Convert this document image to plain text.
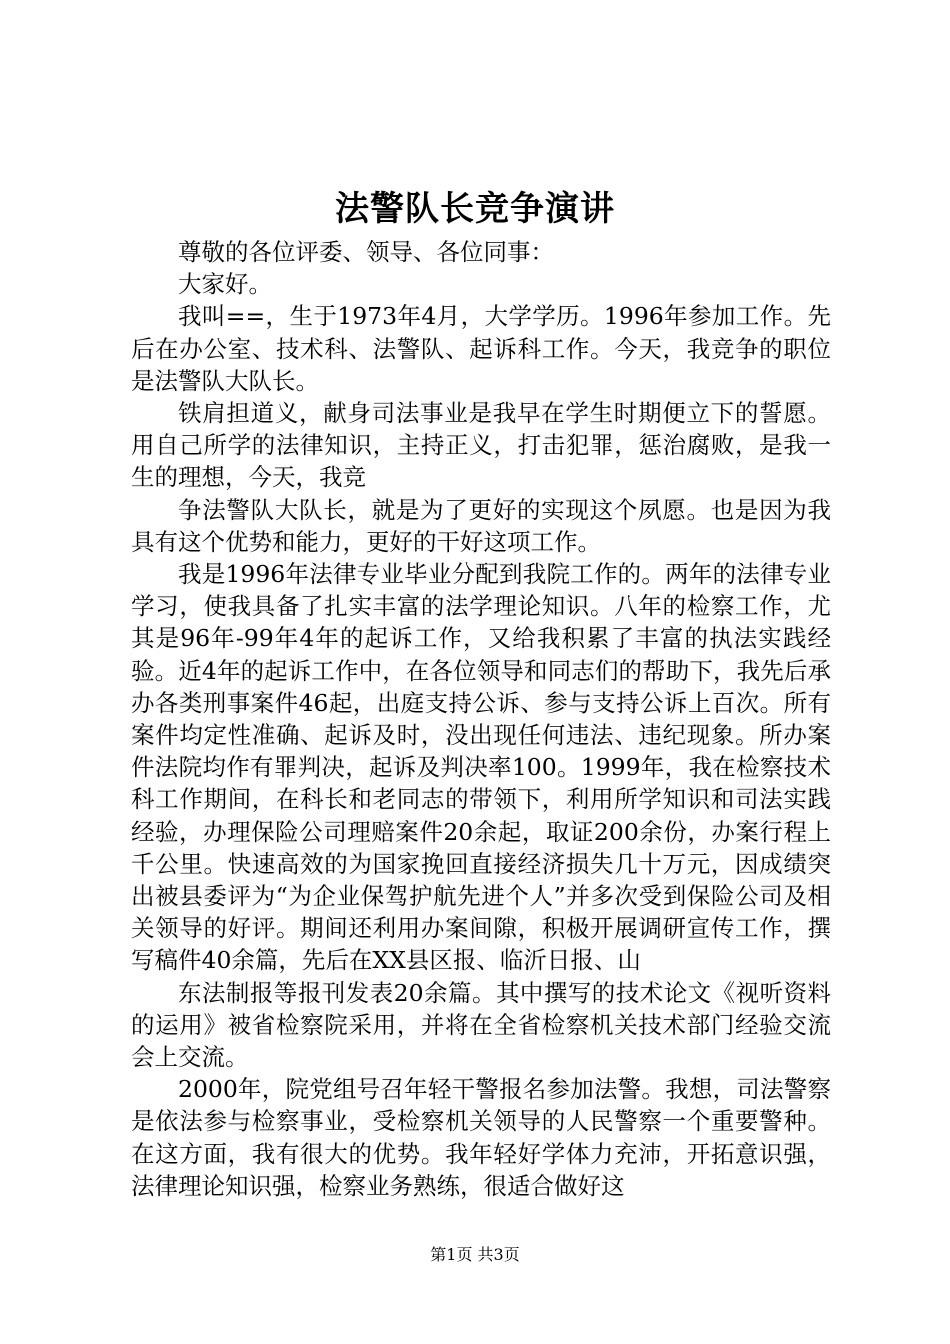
法警队长竞争演讲

尊敬的各位评委、领导、各位同事：

大家好。

我叫==，生于1973年4月，大学学历。1996年参加工作。先后在办公室、技术科、法警队、起诉科工作。今天，我竞争的职位是法警队大队长。

铁肩担道义，献身司法事业是我早在学生时期便立下的誓愿。用自己所学的法律知识，主持正义，打击犯罪，惩治腐败，是我一生的理想，今天，我竞

争法警队大队长，就是为了更好的实现这个夙愿。也是因为我具有这个优势和能力，更好的干好这项工作。

我是1996年法律专业毕业分配到我院工作的。两年的法律专业学习，使我具备了扎实丰富的法学理论知识。八年的检察工作，尤其是96年-99年4年的起诉工作，又给我积累了丰富的执法实践经验。近4年的起诉工作中，在各位领导和同志们的帮助下，我先后承办各类刑事案件46起，出庭支持公诉、参与支持公诉上百次。所有案件均定性准确、起诉及时，没出现任何违法、违纪现象。所办案件法院均作有罪判决，起诉及判决率100。1999年，我在检察技术科工作期间，在科长和老同志的带领下，利用所学知识和司法实践经验，办理保险公司理赔案件20余起，取证200余份，办案行程上千公里。快速高效的为国家挽回直接经济损失几十万元，因成绩突出被县委评为“为企业保驾护航先进个人”并多次受到保险公司及相关领导的好评。期间还利用办案间隙，积极开展调研宣传工作，撰写稿件40余篇，先后在XX县区报、临沂日报、山

东法制报等报刊发表20余篇。其中撰写的技术论文《视听资料的运用》被省检察院采用，并将在全省检察机关技术部门经验交流会上交流。

2000年，院党组号召年轻干警报名参加法警。我想，司法警察是依法参与检察事业，受检察机关领导的人民警察一个重要警种。在这方面，我有很大的优势。我年轻好学体力充沛，开拓意识强，法律理论知识强，检察业务熟练，很适合做好这

第1页 共3页
